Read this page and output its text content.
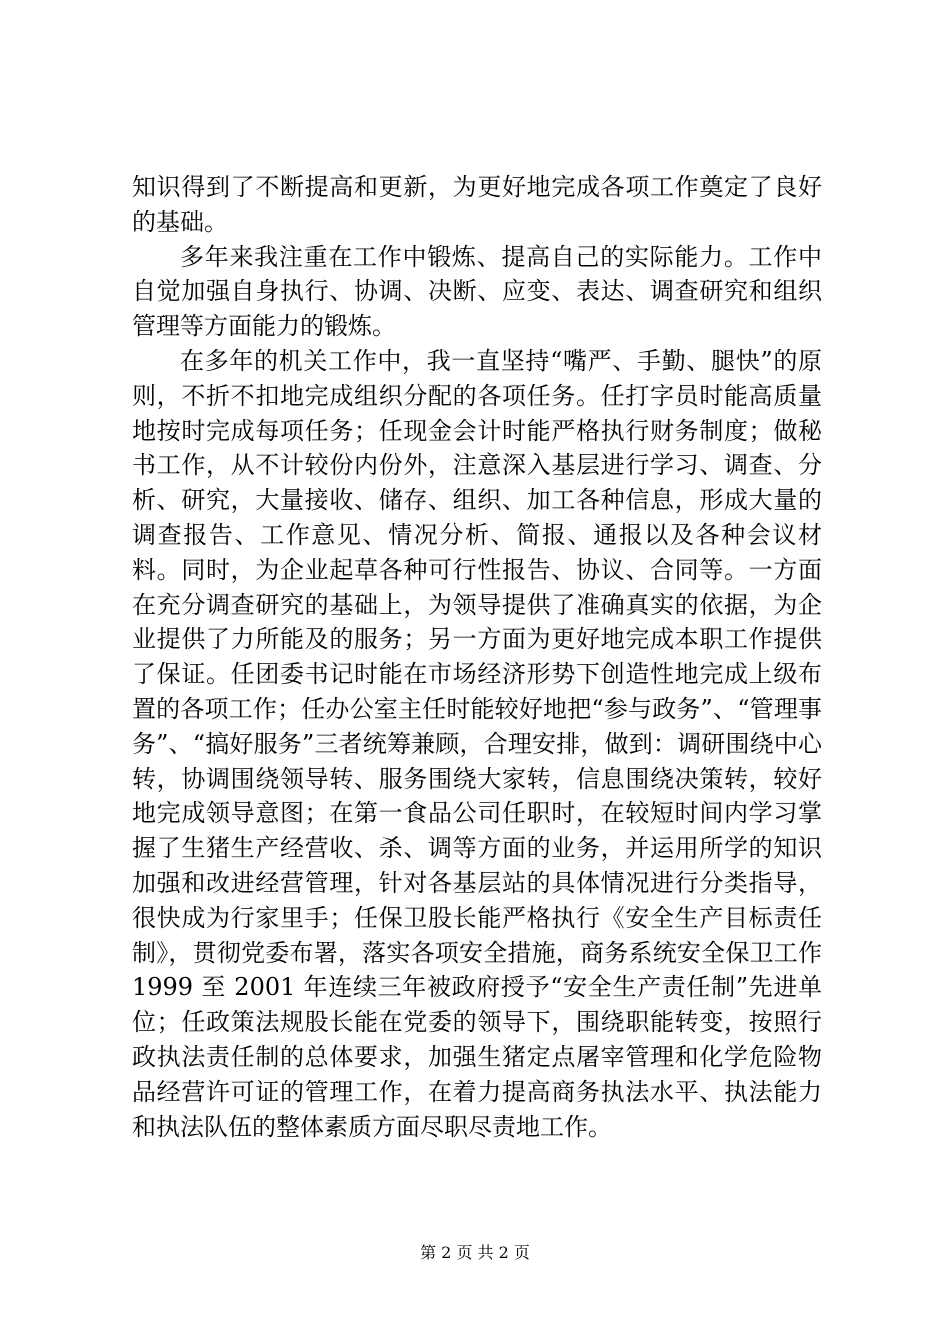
知识得到了不断提高和更新，为更好地完成各项工作奠定了良好的基础。

多年来我注重在工作中锻炼、提高自己的实际能力。工作中自觉加强自身执行、协调、决断、应变、表达、调查研究和组织管理等方面能力的锻炼。

在多年的机关工作中，我一直坚持“嘴严、手勤、腿快”的原则，不折不扣地完成组织分配的各项任务。任打字员时能高质量地按时完成每项任务；任现金会计时能严格执行财务制度；做秘书工作，从不计较份内份外，注意深入基层进行学习、调查、分析、研究，大量接收、储存、组织、加工各种信息，形成大量的调查报告、工作意见、情况分析、简报、通报以及各种会议材料。同时，为企业起草各种可行性报告、协议、合同等。一方面在充分调查研究的基础上，为领导提供了准确真实的依据，为企业提供了力所能及的服务；另一方面为更好地完成本职工作提供了保证。任团委书记时能在市场经济形势下创造性地完成上级布置的各项工作；任办公室主任时能较好地把“参与政务”、“管理事务”、“搞好服务”三者统筹兼顾，合理安排，做到：调研围绕中心转，协调围绕领导转、服务围绕大家转，信息围绕决策转，较好地完成领导意图；在第一食品公司任职时，在较短时间内学习掌握了生猪生产经营收、杀、调等方面的业务，并运用所学的知识加强和改进经营管理，针对各基层站的具体情况进行分类指导，很快成为行家里手；任保卫股长能严格执行《安全生产目标责任制》，贯彻党委布署，落实各项安全措施，商务系统安全保卫工作 1999 至 2001 年连续三年被政府授予“安全生产责任制”先进单位；任政策法规股长能在党委的领导下，围绕职能转变，按照行政执法责任制的总体要求，加强生猪定点屠宰管理和化学危险物品经营许可证的管理工作，在着力提高商务执法水平、执法能力和执法队伍的整体素质方面尽职尽责地工作。

第 2 页 共 2 页
